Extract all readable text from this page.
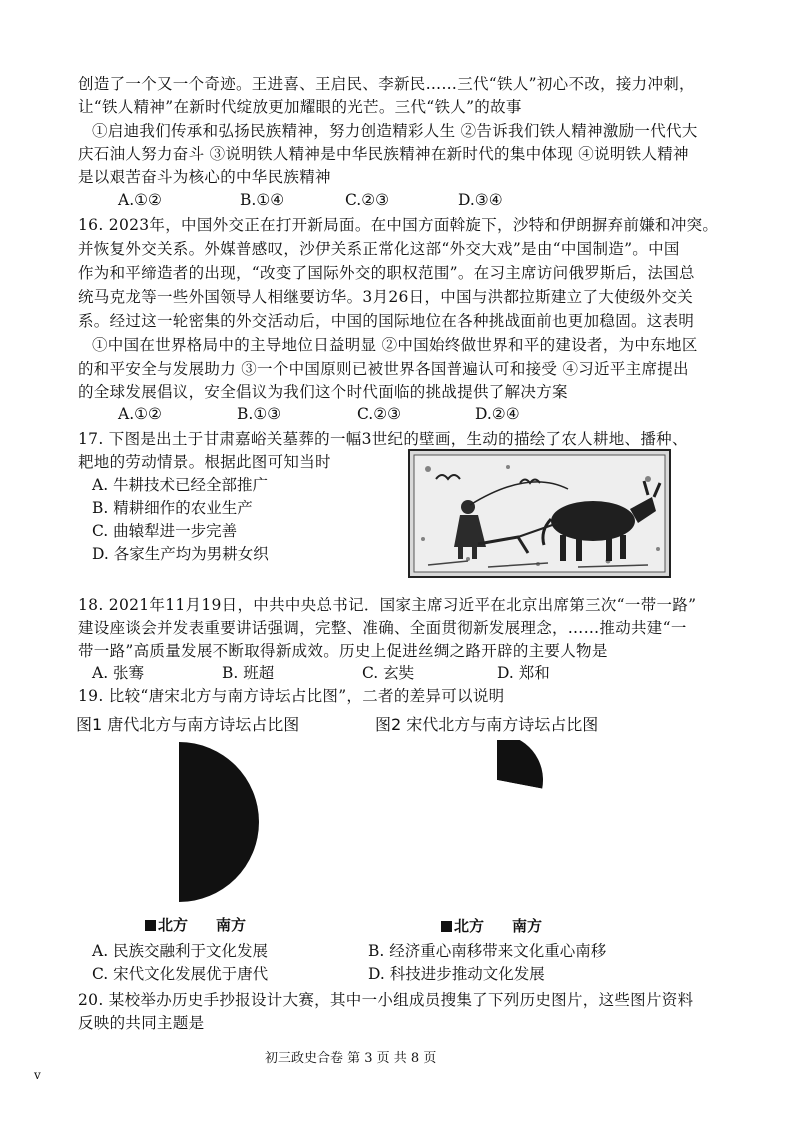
创造了一个又一个奇迹。王进喜、王启民、李新民……三代“铁人”初心不改，接力冲刺，
让“铁人精神”在新时代绽放更加耀眼的光芒。三代“铁人”的故事
①启迪我们传承和弘扬民族精神，努力创造精彩人生 ②告诉我们铁人精神激励一代代大
庆石油人努力奋斗 ③说明铁人精神是中华民族精神在新时代的集中体现 ④说明铁人精神
是以艰苦奋斗为核心的中华民族精神
A.①②	B.①④	C.②③	D.③④
16. 2023年，中国外交正在打开新局面。在中国方面斡旋下，沙特和伊朗摒弃前嫌和冲突。
并恢复外交关系。外媒普感叹，沙伊关系正常化这部“外交大戏”是由“中国制造”。中国
作为和平缔造者的出现，“改变了国际外交的职权范围”。在习主席访问俄罗斯后，法国总
统马克龙等一些外国领导人相继要访华。3月26日，中国与洪都拉斯建立了大使级外交关
系。经过这一轮密集的外交活动后，中国的国际地位在各种挑战面前也更加稳固。这表明
①中国在世界格局中的主导地位日益明显 ②中国始终做世界和平的建设者，为中东地区
的和平安全与发展助力 ③一个中国原则已被世界各国普遍认可和接受 ④习近平主席提出
的全球发展倡议，安全倡议为我们这个时代面临的挑战提供了解决方案
A.①②	B.①③	C.②③	D.②④
17. 下图是出土于甘肃嘉峪关墓葬的一幅3世纪的壁画，生动的描绘了农人耕地、播种、
耙地的劳动情景。根据此图可知当时
A. 牛耕技术已经全部推广
B. 精耕细作的农业生产
C. 曲辕犁进一步完善
D. 各家生产均为男耕女织
18. 2021年11月19日，中共中央总书记．国家主席习近平在北京出席第三次“一带一路”
建设座谈会并发表重要讲话强调，完整、准确、全面贯彻新发展理念，……推动共建“一
带一路”高质量发展不断取得新成效。历史上促进丝绸之路开辟的主要人物是
A. 张骞	B. 班超	C. 玄奘	D. 郑和
19. 比较“唐宋北方与南方诗坛占比图”，二者的差异可以说明
图1 唐代北方与南方诗坛占比图	图2 宋代北方与南方诗坛占比图
北方 南方	北方 南方
A. 民族交融利于文化发展	B. 经济重心南移带来文化重心南移
C. 宋代文化发展优于唐代	D. 科技进步推动文化发展
20. 某校举办历史手抄报设计大赛，其中一小组成员搜集了下列历史图片，这些图片资料
反映的共同主题是
初三政史合卷 第 3 页 共 8 页
v
